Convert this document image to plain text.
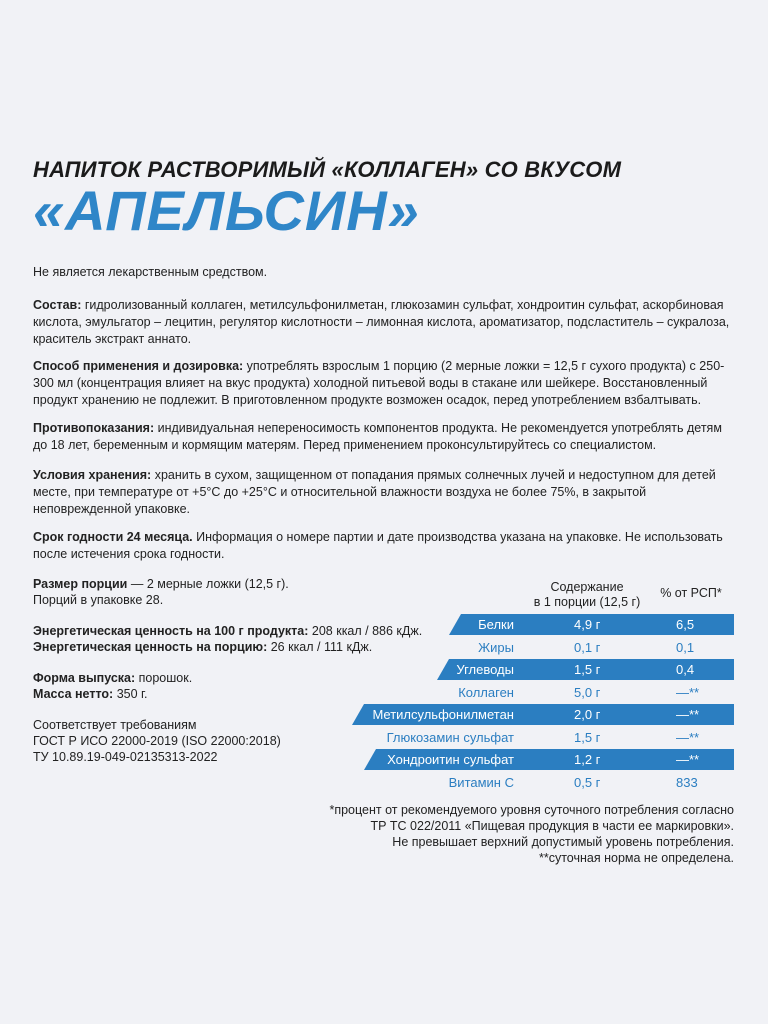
НАПИТОК РАСТВОРИМЫЙ «КОЛЛАГЕН» СО ВКУСОМ
«АПЕЛЬСИН»
Не является лекарственным средством.
Состав: гидролизованный коллаген, метилсульфонилметан, глюкозамин сульфат, хондроитин сульфат, аскорбиновая кислота, эмульгатор – лецитин, регулятор кислотности – лимонная кислота, ароматизатор, подсластитель – сукралоза, краситель экстракт аннато.
Способ применения и дозировка: употреблять взрослым 1 порцию (2 мерные ложки = 12,5 г сухого продукта) с 250-300 мл (концентрация влияет на вкус продукта) холодной питьевой воды в стакане или шейкере. Восстановленный продукт хранению не подлежит. В приготовленном продукте возможен осадок, перед употреблением взбалтывать.
Противопоказания: индивидуальная непереносимость компонентов продукта. Не рекомендуется употреблять детям до 18 лет, беременным и кормящим матерям. Перед применением проконсультируйтесь со специалистом.
Условия хранения: хранить в сухом, защищенном от попадания прямых солнечных лучей и недоступном для детей месте, при температуре от +5°С до +25°С и относительной влажности воздуха не более 75%, в закрытой неповрежденной упаковке.
Срок годности 24 месяца. Информация о номере партии и дате производства указана на упаковке. Не использовать после истечения срока годности.
Размер порции — 2 мерные ложки (12,5 г).
Порций в упаковке 28.
Энергетическая ценность на 100 г продукта: 208 ккал / 886 кДж.
Энергетическая ценность на порцию: 26 ккал / 111 кДж.
Форма выпуска: порошок.
Масса нетто: 350 г.
Соответствует требованиям
ГОСТ Р ИСО 22000-2019 (ISO 22000:2018)
ТУ 10.89.19-049-02135313-2022
Содержание
в 1 порции (12,5 г)
% от РСП*
Белки	4,9 г	6,5
Жиры	0,1 г	0,1
Углеводы	1,5 г	0,4
Коллаген	5,0 г	—**
Метилсульфонилметан	2,0 г	—**
Глюкозамин сульфат	1,5 г	—**
Хондроитин сульфат	1,2 г	—**
Витамин С	0,5 г	833
*процент от рекомендуемого уровня суточного потребления согласно
ТР ТС 022/2011 «Пищевая продукция в части ее маркировки».
Не превышает верхний допустимый уровень потребления.
**суточная норма не определена.
